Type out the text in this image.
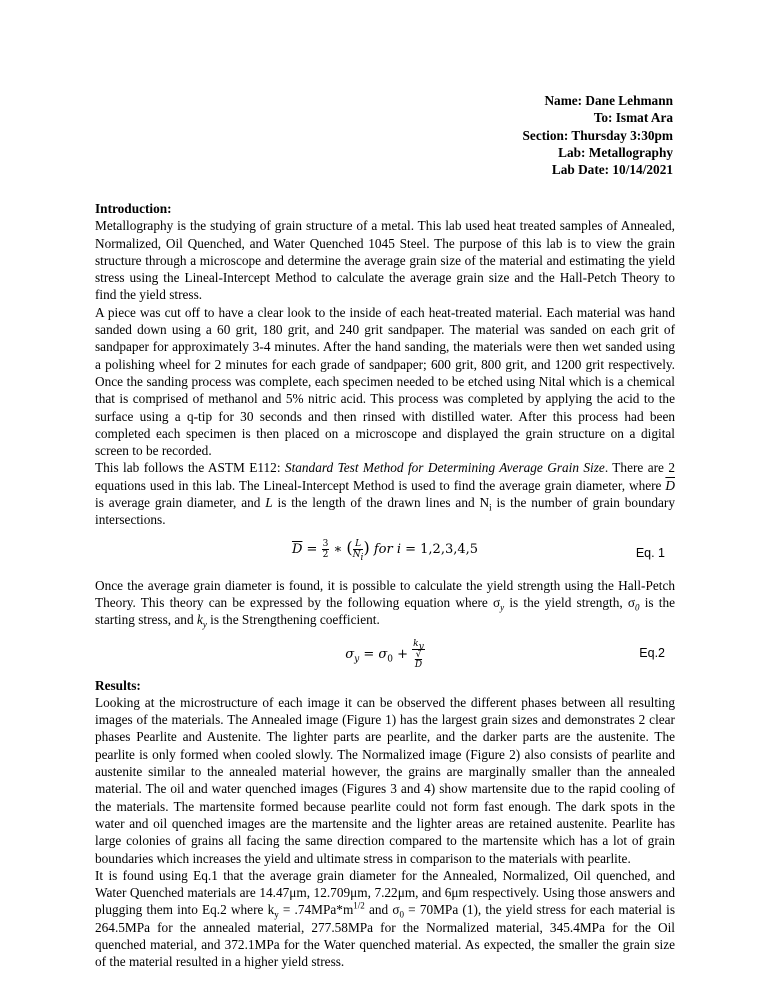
Name: Dane Lehmann
To: Ismat Ara
Section: Thursday 3:30pm
Lab: Metallography
Lab Date: 10/14/2021
Introduction:

Metallography is the studying of grain structure of a metal. This lab used heat treated samples of Annealed, Normalized, Oil Quenched, and Water Quenched 1045 Steel. The purpose of this lab is to view the grain structure through a microscope and determine the average grain size of the material and estimating the yield stress using the Lineal-Intercept Method to calculate the average grain size and the Hall-Petch Theory to find the yield stress.

A piece was cut off to have a clear look to the inside of each heat-treated material. Each material was hand sanded down using a 60 grit, 180 grit, and 240 grit sandpaper. The material was sanded on each grit of sandpaper for approximately 3-4 minutes. After the hand sanding, the materials were then wet sanded using a polishing wheel for 2 minutes for each grade of sandpaper; 600 grit, 800 grit, and 1200 grit respectively. Once the sanding process was complete, each specimen needed to be etched using Nital which is a chemical that is comprised of methanol and 5% nitric acid. This process was completed by applying the acid to the surface using a q-tip for 30 seconds and then rinsed with distilled water. After this process had been completed each specimen is then placed on a microscope and displayed the grain structure on a digital screen to be recorded.

This lab follows the ASTM E112: Standard Test Method for Determining Average Grain Size. There are 2 equations used in this lab. The Lineal-Intercept Method is used to find the average grain diameter, where $\overline{D}$ is average grain diameter, and L is the length of the drawn lines and $N_i$ is the number of grain boundary intersections.

$\overline{D} = \frac{3}{2}$ ∗ ( $\frac{L}{N_i}$ ) for i = 1,2,3,4,5	Eq. 1

Once the average grain diameter is found, it is possible to calculate the yield strength using the Hall-Petch Theory. This theory can be expressed by the following equation where $\sigma_y$ is the yield strength, $\sigma_0$ is the starting stress, and $k_y$ is the Strengthening coefficient.

$\sigma_y = \sigma_0 + k_y$
√
D	Eq.2
Results:

Looking at the microstructure of each image it can be observed the different phases between all resulting images of the materials. The Annealed image (Figure 1) has the largest grain sizes and demonstrates 2 clear phases Pearlite and Austenite. The lighter parts are pearlite, and the darker parts are the austenite. The pearlite is only formed when cooled slowly. The Normalized image (Figure 2) also consists of pearlite and austenite similar to the annealed material however, the grains are marginally smaller than the annealed material. The oil and water quenched images (Figures 3 and 4) show martensite due to the rapid cooling of the materials. The martensite formed because pearlite could not form fast enough. The dark spots in the water and oil quenched images are the martensite and the lighter areas are retained austenite. Pearlite has large colonies of grains all facing the same direction compared to the martensite which has a lot of grain boundaries which increases the yield and ultimate stress in comparison to the materials with pearlite.

It is found using Eq.1 that the average grain diameter for the Annealed, Normalized, Oil quenched, and Water Quenched materials are 14.47μm, 12.709μm, 7.22μm, and 6μm respectively. Using those answers and plugging them into Eq.2 where $k_y = .74MPa*m^{1/2}$ and $\sigma_0 = 70MPa$ (1), the yield stress for each material is 264.5MPa for the annealed material, 277.58MPa for the Normalized material, 345.4MPa for the Oil quenched material, and 372.1MPa for the Water quenched material. As expected, the smaller the grain size of the material resulted in a higher yield stress.
